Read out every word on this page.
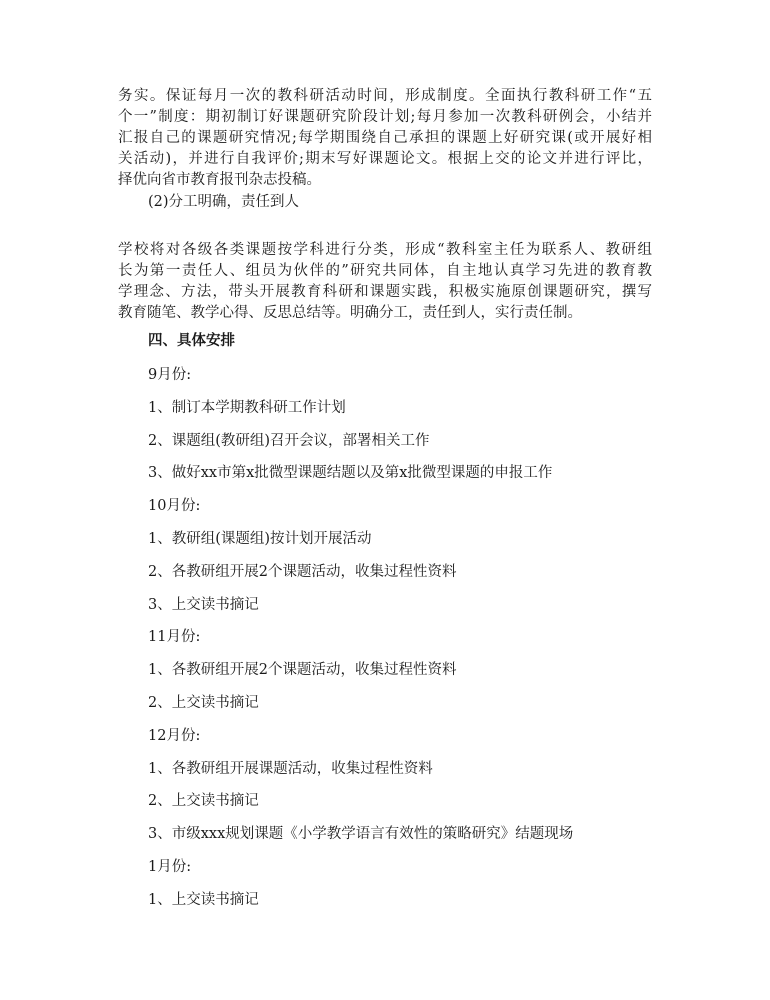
务实。保证每月一次的教科研活动时间，形成制度。全面执行教科研工作“五
个一”制度：期初制订好课题研究阶段计划;每月参加一次教科研例会，小结并
汇报自己的课题研究情况;每学期围绕自己承担的课题上好研究课(或开展好相
关活动)，并进行自我评价;期末写好课题论文。根据上交的论文并进行评比，
择优向省市教育报刊杂志投稿。

(2)分工明确，责任到人

学校将对各级各类课题按学科进行分类，形成“教科室主任为联系人、教研组
长为第一责任人、组员为伙伴的”研究共同体，自主地认真学习先进的教育教
学理念、方法，带头开展教育科研和课题实践，积极实施原创课题研究，撰写
教育随笔、教学心得、反思总结等。明确分工，责任到人，实行责任制。

四、具体安排

9月份:

1、制订本学期教科研工作计划

2、课题组(教研组)召开会议，部署相关工作

3、做好xx市第x批微型课题结题以及第x批微型课题的申报工作

10月份:

1、教研组(课题组)按计划开展活动

2、各教研组开展2个课题活动，收集过程性资料

3、上交读书摘记

11月份:

1、各教研组开展2个课题活动，收集过程性资料

2、上交读书摘记

12月份:

1、各教研组开展课题活动，收集过程性资料

2、上交读书摘记

3、市级xxx规划课题《小学教学语言有效性的策略研究》结题现场

1月份:

1、上交读书摘记
